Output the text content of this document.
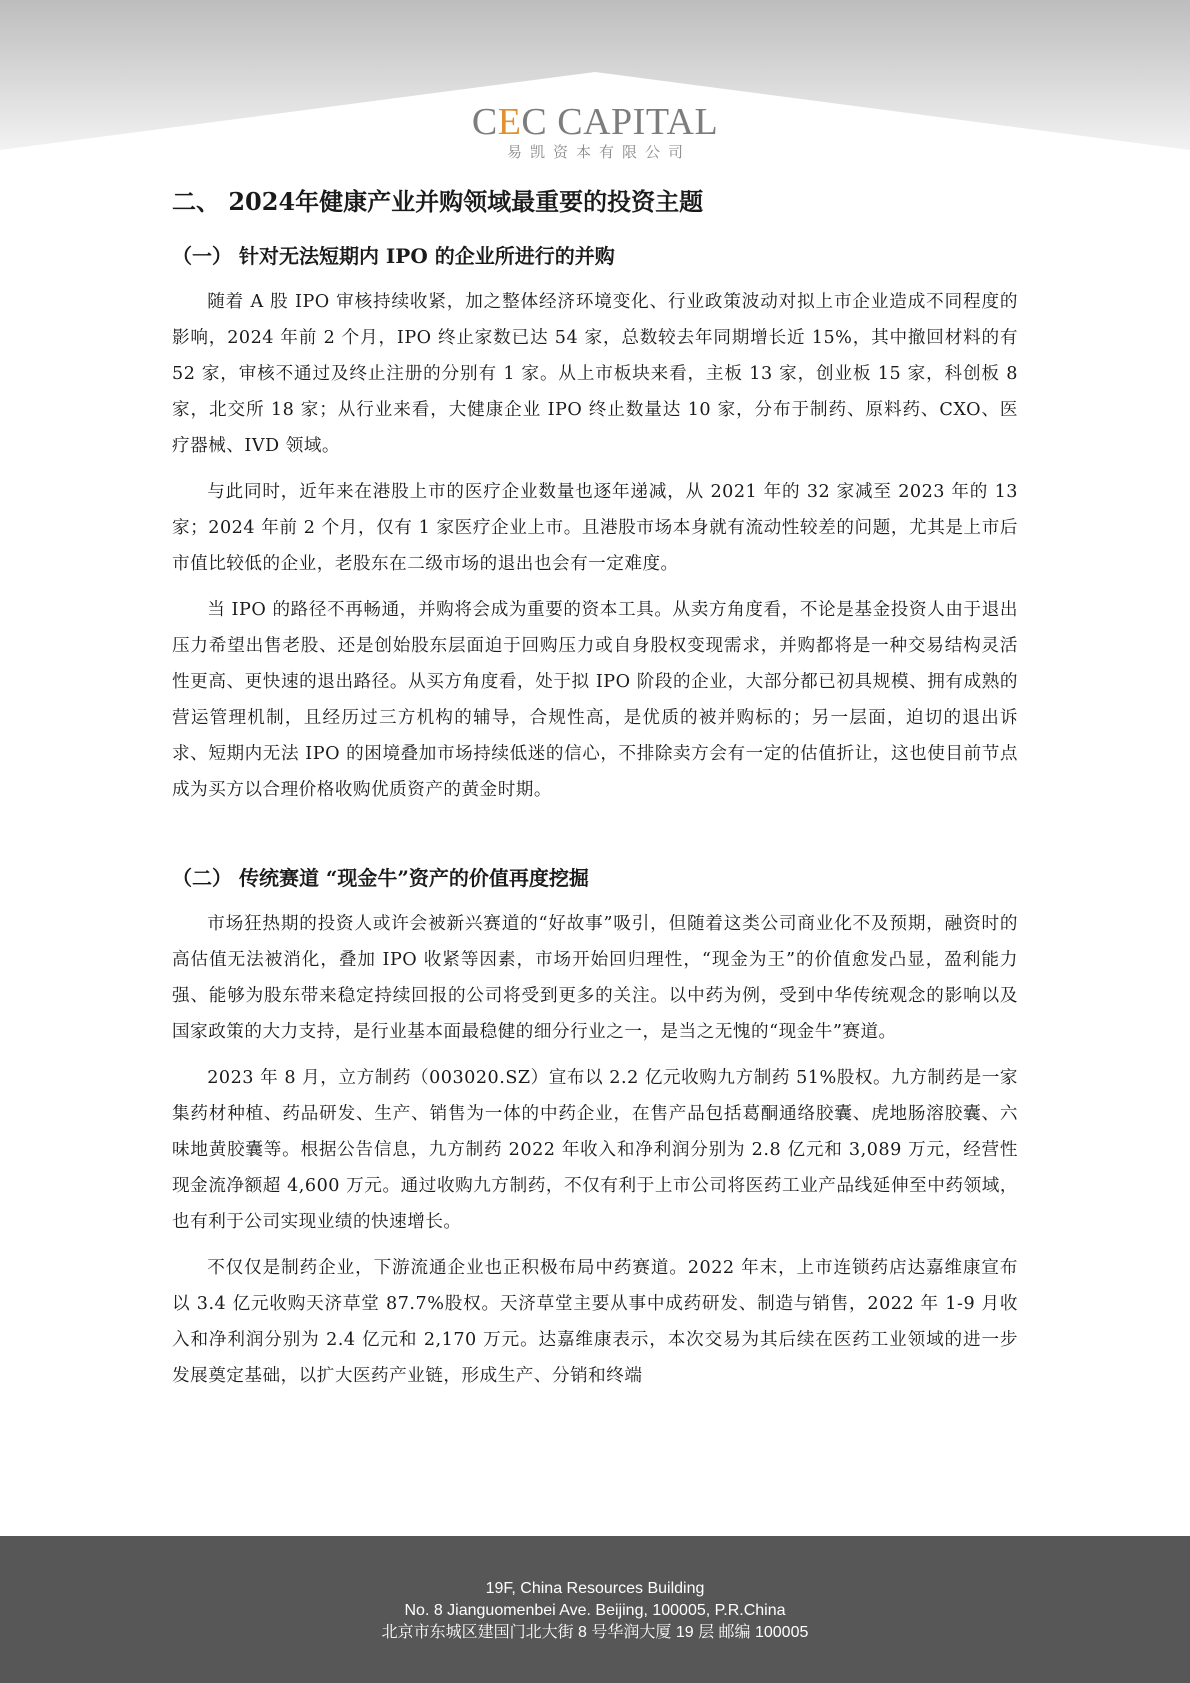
CEC CAPITAL
易凯资本有限公司
二、 2024年健康产业并购领域最重要的投资主题
（一） 针对无法短期内 IPO 的企业所进行的并购

随着 A 股 IPO 审核持续收紧，加之整体经济环境变化、行业政策波动对拟上市企业造成不同程度的影响，2024 年前 2 个月，IPO 终止家数已达 54 家，总数较去年同期增长近 15%，其中撤回材料的有 52 家，审核不通过及终止注册的分别有 1 家。从上市板块来看，主板 13 家，创业板 15 家，科创板 8 家，北交所 18 家；从行业来看，大健康企业 IPO 终止数量达 10 家，分布于制药、原料药、CXO、医疗器械、IVD 领域。

与此同时，近年来在港股上市的医疗企业数量也逐年递减，从 2021 年的 32 家减至 2023 年的 13 家；2024 年前 2 个月，仅有 1 家医疗企业上市。且港股市场本身就有流动性较差的问题，尤其是上市后市值比较低的企业，老股东在二级市场的退出也会有一定难度。

当 IPO 的路径不再畅通，并购将会成为重要的资本工具。从卖方角度看，不论是基金投资人由于退出压力希望出售老股、还是创始股东层面迫于回购压力或自身股权变现需求，并购都将是一种交易结构灵活性更高、更快速的退出路径。从买方角度看，处于拟 IPO 阶段的企业，大部分都已初具规模、拥有成熟的营运管理机制，且经历过三方机构的辅导，合规性高，是优质的被并购标的；另一层面，迫切的退出诉求、短期内无法 IPO 的困境叠加市场持续低迷的信心，不排除卖方会有一定的估值折让，这也使目前节点成为买方以合理价格收购优质资产的黄金时期。

（二） 传统赛道 “现金牛”资产的价值再度挖掘

市场狂热期的投资人或许会被新兴赛道的“好故事”吸引，但随着这类公司商业化不及预期，融资时的高估值无法被消化，叠加 IPO 收紧等因素，市场开始回归理性，“现金为王”的价值愈发凸显，盈利能力强、能够为股东带来稳定持续回报的公司将受到更多的关注。以中药为例，受到中华传统观念的影响以及国家政策的大力支持，是行业基本面最稳健的细分行业之一，是当之无愧的“现金牛”赛道。

2023 年 8 月，立方制药（003020.SZ）宣布以 2.2 亿元收购九方制药 51%股权。九方制药是一家集药材种植、药品研发、生产、销售为一体的中药企业，在售产品包括葛酮通络胶囊、虎地肠溶胶囊、六味地黄胶囊等。根据公告信息，九方制药 2022 年收入和净利润分别为 2.8 亿元和 3,089 万元，经营性现金流净额超 4,600 万元。通过收购九方制药，不仅有利于上市公司将医药工业产品线延伸至中药领域，也有利于公司实现业绩的快速增长。

不仅仅是制药企业，下游流通企业也正积极布局中药赛道。2022 年末，上市连锁药店达嘉维康宣布以 3.4 亿元收购天济草堂 87.7%股权。天济草堂主要从事中成药研发、制造与销售，2022 年 1-9 月收入和净利润分别为 2.4 亿元和 2,170 万元。达嘉维康表示，本次交易为其后续在医药工业领域的进一步发展奠定基础，以扩大医药产业链，形成生产、分销和终端

19F, China Resources Building
No. 8 Jianguomenbei Ave. Beijing, 100005, P.R.China
北京市东城区建国门北大街 8 号华润大厦 19 层 邮编 100005
